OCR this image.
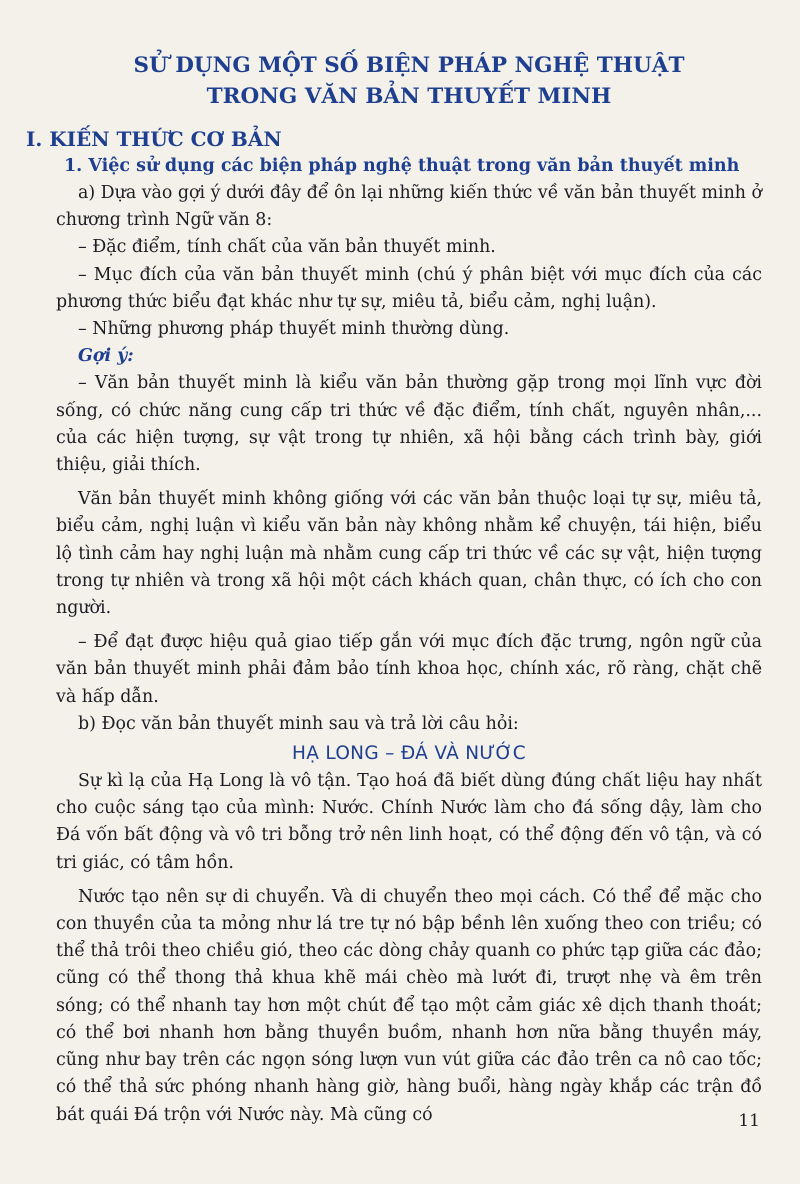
SỬ DỤNG MỘT SỐ BIỆN PHÁP NGHỆ THUẬT
TRONG VĂN BẢN THUYẾT MINH
I. KIẾN THỨC CƠ BẢN
1. Việc sử dụng các biện pháp nghệ thuật trong văn bản thuyết minh

a) Dựa vào gợi ý dưới đây để ôn lại những kiến thức về văn bản thuyết minh ở chương trình Ngữ văn 8:

– Đặc điểm, tính chất của văn bản thuyết minh.

– Mục đích của văn bản thuyết minh (chú ý phân biệt với mục đích của các phương thức biểu đạt khác như tự sự, miêu tả, biểu cảm, nghị luận).

– Những phương pháp thuyết minh thường dùng.

Gợi ý:

– Văn bản thuyết minh là kiểu văn bản thường gặp trong mọi lĩnh vực đời sống, có chức năng cung cấp tri thức về đặc điểm, tính chất, nguyên nhân,... của các hiện tượng, sự vật trong tự nhiên, xã hội bằng cách trình bày, giới thiệu, giải thích.

Văn bản thuyết minh không giống với các văn bản thuộc loại tự sự, miêu tả, biểu cảm, nghị luận vì kiểu văn bản này không nhằm kể chuyện, tái hiện, biểu lộ tình cảm hay nghị luận mà nhằm cung cấp tri thức về các sự vật, hiện tượng trong tự nhiên và trong xã hội một cách khách quan, chân thực, có ích cho con người.

– Để đạt được hiệu quả giao tiếp gắn với mục đích đặc trưng, ngôn ngữ của văn bản thuyết minh phải đảm bảo tính khoa học, chính xác, rõ ràng, chặt chẽ và hấp dẫn.

b) Đọc văn bản thuyết minh sau và trả lời câu hỏi:

HẠ LONG – ĐÁ VÀ NƯỚC

Sự kì lạ của Hạ Long là vô tận. Tạo hoá đã biết dùng đúng chất liệu hay nhất cho cuộc sáng tạo của mình: Nước. Chính Nước làm cho đá sống dậy, làm cho Đá vốn bất động và vô tri bỗng trở nên linh hoạt, có thể động đến vô tận, và có tri giác, có tâm hồn.

Nước tạo nên sự di chuyển. Và di chuyển theo mọi cách. Có thể để mặc cho con thuyền của ta mỏng như lá tre tự nó bập bềnh lên xuống theo con triều; có thể thả trôi theo chiều gió, theo các dòng chảy quanh co phức tạp giữa các đảo; cũng có thể thong thả khua khẽ mái chèo mà lướt đi, trượt nhẹ và êm trên sóng; có thể nhanh tay hơn một chút để tạo một cảm giác xê dịch thanh thoát; có thể bơi nhanh hơn bằng thuyền buồm, nhanh hơn nữa bằng thuyền máy, cũng như bay trên các ngọn sóng lượn vun vút giữa các đảo trên ca nô cao tốc; có thể thả sức phóng nhanh hàng giờ, hàng buổi, hàng ngày khắp các trận đồ bát quái Đá trộn với Nước này. Mà cũng có	11
